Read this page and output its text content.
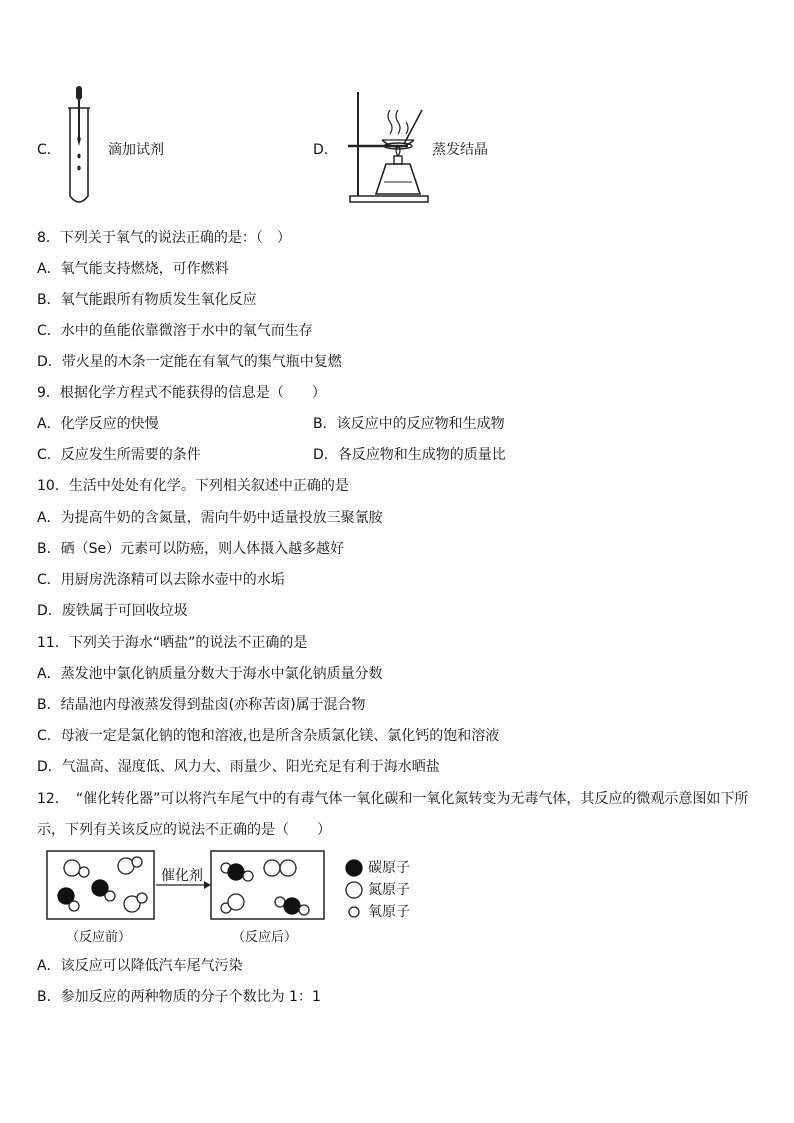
C．	滴加试剂	D．	蒸发结晶
8．下列关于氧气的说法正确的是：（　）
A．氧气能支持燃烧，可作燃料
B．氧气能跟所有物质发生氧化反应
C．水中的鱼能依靠微溶于水中的氧气而生存
D．带火星的木条一定能在有氧气的集气瓶中复燃
9．根据化学方程式不能获得的信息是（　　）
A．化学反应的快慢	B．该反应中的反应物和生成物
C．反应发生所需要的条件	D．各反应物和生成物的质量比
10．生活中处处有化学。下列相关叙述中正确的是
A．为提高牛奶的含氮量，需向牛奶中适量投放三聚氰胺
B．硒（Se）元素可以防癌，则人体摄入越多越好
C．用厨房洗涤精可以去除水壶中的水垢
D．废铁属于可回收垃圾
11．下列关于海水“晒盐”的说法不正确的是
A．蒸发池中氯化钠质量分数大于海水中氯化钠质量分数
B．结晶池内母液蒸发得到盐卤(亦称苦卤)属于混合物
C．母液一定是氯化钠的饱和溶液,也是所含杂质氯化镁、氯化钙的饱和溶液
D．气温高、湿度低、风力大、雨量少、阳光充足有利于海水晒盐
12．　“催化转化器”可以将汽车尾气中的有毒气体一氧化碳和一氧化氮转变为无毒气体，其反应的微观示意图如下所
示，下列有关该反应的说法不正确的是（　　）
催化剂	碳原子
氮原子
氧原子
（反应前）	（反应后）
A．该反应可以降低汽车尾气污染
B．参加反应的两种物质的分子个数比为 1：1
